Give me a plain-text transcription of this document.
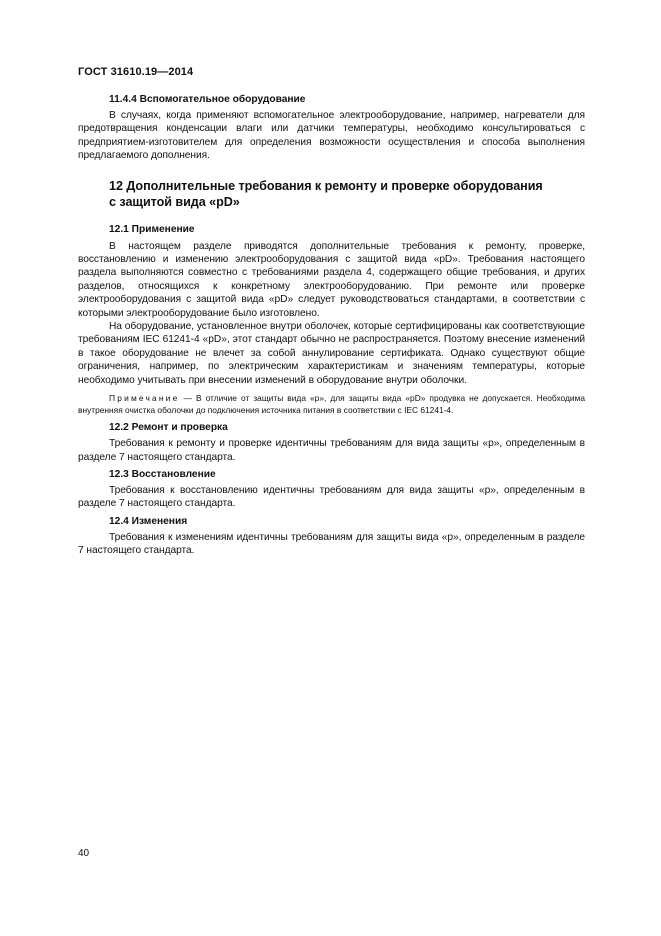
ГОСТ 31610.19—2014
11.4.4 Вспомогательное оборудование

В случаях, когда применяют вспомогательное электрооборудование, например, нагреватели для предотвращения конденсации влаги или датчики температуры, необходимо консультироваться с предприятием-изготовителем для определения возможности осуществления и способа выполнения предлагаемого дополнения.

12 Дополнительные требования к ремонту и проверке оборудования
с защитой вида «pD»
12.1 Применение

В настоящем разделе приводятся дополнительные требования к ремонту, проверке, восстановлению и изменению электрооборудования с защитой вида «pD». Требования настоящего раздела выполняются совместно с требованиями раздела 4, содержащего общие требования, и других разделов, относящихся к конкретному электрооборудованию. При ремонте или проверке электрооборудования с защитой вида «pD» следует руководствоваться стандартами, в соответствии с которыми электрооборудование было изготовлено.

На оборудование, установленное внутри оболочек, которые сертифицированы как соответствующие требованиям IEC 61241-4 «pD», этот стандарт обычно не распространяется. Поэтому внесение изменений в такое оборудование не влечет за собой аннулирование сертификата. Однако существуют общие ограничения, например, по электрическим характеристикам и значениям температуры, которые необходимо учитывать при внесении изменений в оборудование внутри оболочки.

Примечание — В отличие от защиты вида «р», для защиты вида «pD» продувка не допускается. Необходима внутренняя очистка оболочки до подключения источника питания в соответствии с IEC 61241-4.

12.2 Ремонт и проверка

Требования к ремонту и проверке идентичны требованиям для вида защиты «р», определенным в разделе 7 настоящего стандарта.

12.3 Восстановление

Требования к восстановлению идентичны требованиям для вида защиты «р», определенным в разделе 7 настоящего стандарта.

12.4 Изменения

Требования к изменениям идентичны требованиям для защиты вида «р», определенным в разделе 7 настоящего стандарта.

40
